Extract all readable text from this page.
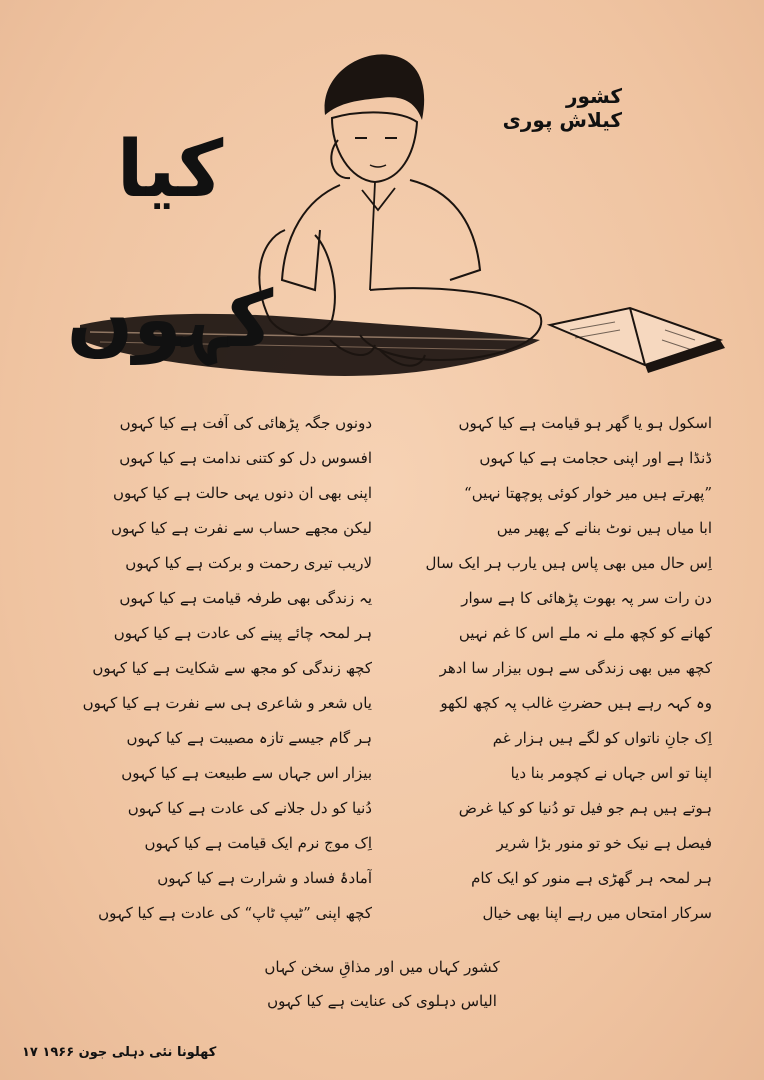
کیا کہوں
کشور کیلاش پوری
اسکول ہو یا گھر ہو قیامت ہے کیا کہوں
دونوں جگہ پڑھائی کی آفت ہے کیا کہوں
ڈنڈا ہے اور اپنی حجامت ہے کیا کہوں
افسوس دل کو کتنی ندامت ہے کیا کہوں
”پھرتے ہیں میر خوار کوئی پوچھتا نہیں“
اپنی بھی ان دنوں یہی حالت ہے کیا کہوں
ابا میاں ہیں نوٹ بنانے کے پھیر میں
لیکن مجھے حساب سے نفرت ہے کیا کہوں
اِس حال میں بھی پاس ہیں یارب ہر ایک سال
لاریب تیری رحمت و برکت ہے کیا کہوں
دن رات سر پہ بھوت پڑھائی کا ہے سوار
یہ زندگی بھی طرفہ قیامت ہے کیا کہوں
کھانے کو کچھ ملے نہ ملے اس کا غم نہیں
ہر لمحہ چائے پینے کی عادت ہے کیا کہوں
کچھ میں بھی زندگی سے ہوں بیزار سا ادھر
کچھ زندگی کو مجھ سے شکایت ہے کیا کہوں
وہ کہہ رہے ہیں حضرتِ غالب پہ کچھ لکھو
یاں شعر و شاعری ہی سے نفرت ہے کیا کہوں
اِک جانِ ناتواں کو لگے ہیں ہزار غم
ہر گام جیسے تازہ مصیبت ہے کیا کہوں
اپنا تو اس جہاں نے کچومر بنا دیا
بیزار اس جہاں سے طبیعت ہے کیا کہوں
ہوتے ہیں ہم جو فیل تو دُنیا کو کیا غرض
دُنیا کو دل جلانے کی عادت ہے کیا کہوں
فیصل ہے نیک خو تو منور بڑا شریر
اِک موج نرم ایک قیامت ہے کیا کہوں
ہر لمحہ ہر گھڑی ہے منور کو ایک کام
آمادۂ فساد و شرارت ہے کیا کہوں
سرکار امتحاں میں رہے اپنا بھی خیال
کچھ اپنی ”ٹیپ ٹاپ“ کی عادت ہے کیا کہوں
کشور کہاں میں اور مذاقِ سخن کہاں
الیاس دہلوی کی عنایت ہے کیا کہوں
کھلونا نئی دہلی جون ۱۹۶۶ ۱۷
